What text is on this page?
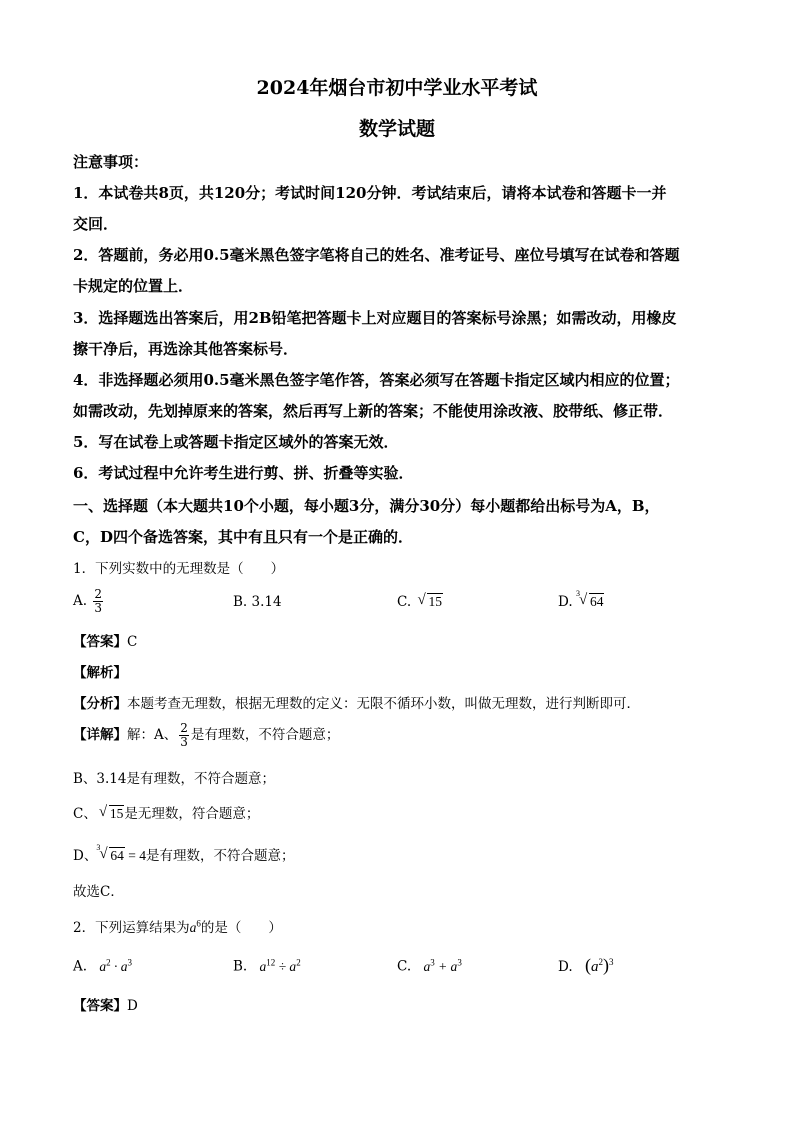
2024年烟台市初中学业水平考试
数学试题
注意事项：
1．本试卷共8页，共120分；考试时间120分钟．考试结束后，请将本试卷和答题卡一并
交回．
2．答题前，务必用0.5毫米黑色签字笔将自己的姓名、准考证号、座位号填写在试卷和答题
卡规定的位置上．
3．选择题选出答案后，用2B铅笔把答题卡上对应题目的答案标号涂黑；如需改动，用橡皮
擦干净后，再选涂其他答案标号．
4．非选择题必须用0.5毫米黑色签字笔作答，答案必须写在答题卡指定区域内相应的位置；
如需改动，先划掉原来的答案，然后再写上新的答案；不能使用涂改液、胶带纸、修正带．
5．写在试卷上或答题卡指定区域外的答案无效．
6．考试过程中允许考生进行剪、拼、折叠等实验．
一、选择题（本大题共10个小题，每小题3分，满分30分）每小题都给出标号为A，B，
C，D四个备选答案，其中有且只有一个是正确的．
1．下列实数中的无理数是（　　）
A. $\frac{2}{3}$	B. 3.14	C. √ 15	D.
3 √ 64
【答案】C
【解析】
【分析】本题考查无理数，根据无理数的定义：无限不循环小数，叫做无理数，进行判断即可．
【详解】解：A、 $\frac{2}{3}$ 是有理数，不符合题意；
B、3.14是有理数，不符合题意；
C、 √ 15是无理数，符合题意；
D、
3 √ 64 = 4是有理数，不符合题意；
故选C．
2．下列运算结果为$a^6$的是（　　）
A. $a^2 \cdot a^3$	B. $a^{12} \div a^2$	C. $a^3 + a^3$	D. $(a^2)^3$
【答案】D
